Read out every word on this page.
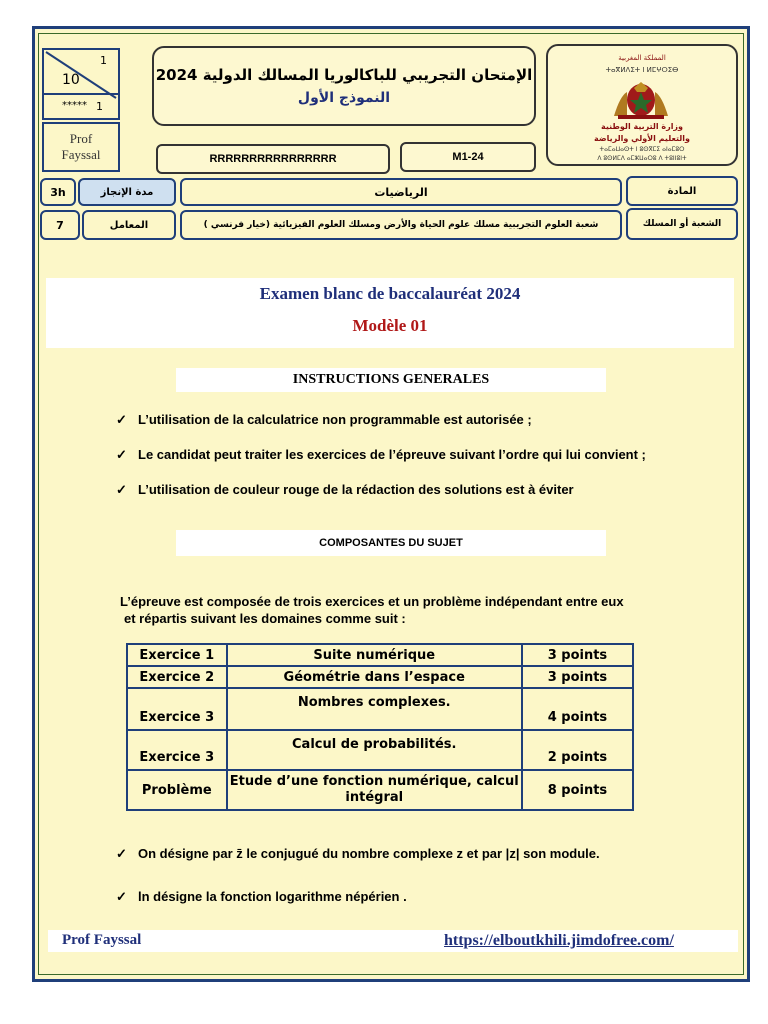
1
10
***** 1
Prof
Fayssal
الإمتحان التجريبي للباكالوريا المسالك الدولية 2024
النموذج الأول
المملكة المغربية
ⵜⴰⴳⵍⴷⵉⵜ ⵏ ⵍⵎⵖⵔⵉⴱ
وزارة التربية الوطنية
والتعليم الأولي والرياضة
ⵜⴰⵎⴰⵡⴰⵙⵜ ⵏ ⵓⵙⴳⵎⵉ ⴰⵏⴰⵎⵓⵔ
ⴷ ⵓⵙⵍⵎⴷ ⴰⵎⵣⵡⴰⵔⵓ ⴷ ⵜⵓⵏⵏⵓⵏⵜ
RRRRRRRRRRRRRRRR	M1-24
3h	مدة الإنجاز	الرياضيات	المادة
7	المعامل	شعبة العلوم التجريبية مسلك علوم الحياة والأرض ومسلك العلوم الفيزيائية (خيار فرنسي )	الشعبة أو المسلك
Examen blanc de baccalauréat 2024
Modèle 01
INSTRUCTIONS GENERALES
✓ L’utilisation de la calculatrice non programmable est autorisée ;
✓ Le candidat peut traiter les exercices de l’épreuve suivant l’ordre qui lui convient ;
✓ L’utilisation de couleur rouge de la rédaction des solutions est à éviter
COMPOSANTES DU SUJET
L’épreuve est composée de trois exercices et un problème indépendant entre eux
et répartis suivant les domaines comme suit :
Exercice 1	Suite numérique	3 points
Exercice 2	Géométrie dans l’espace	3 points
Exercice 3	Nombres complexes.	4 points
Exercice 3	Calcul de probabilités.	2 points
Problème	Etude d’une fonction numérique, calcul intégral	8 points
✓ On désigne par z̄ le conjugué du nombre complexe z et par |z| son module.
✓ ln désigne la fonction logarithme népérien .
Prof Fayssal	https://elboutkhili.jimdofree.com/
